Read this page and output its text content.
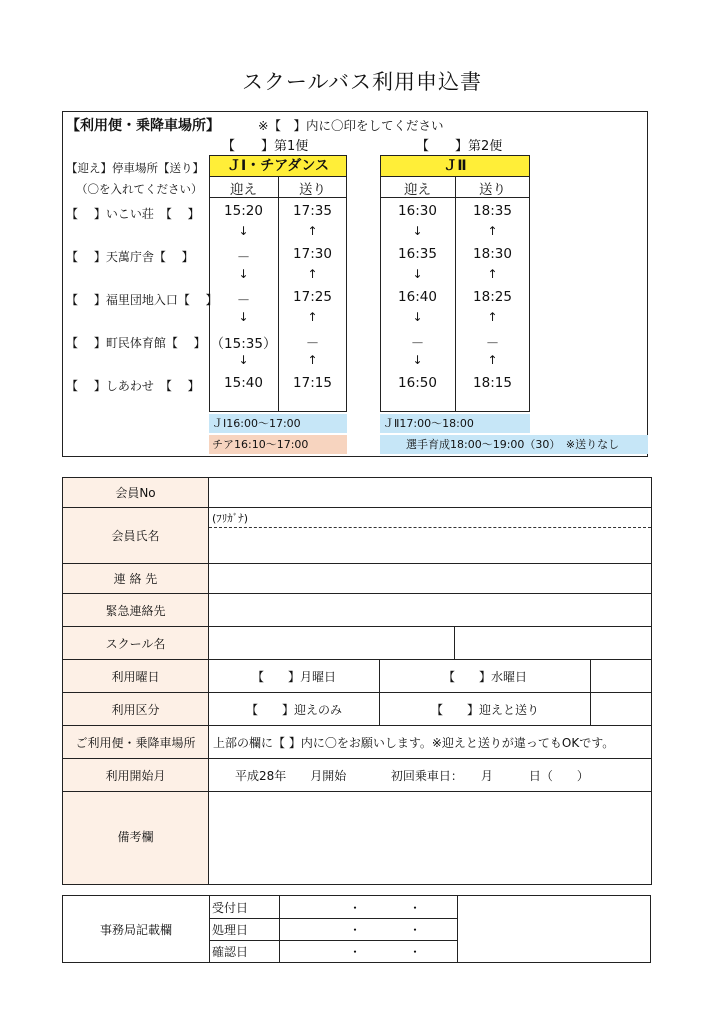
スクールバス利用申込書
【利用便・乗降車場所】	※【　】内に〇印をしてください
【　　】第1便	【　　】第2便
【迎え】停車場所【送り】
（〇を入れてください）
ＪⅠ・チアダンス
迎え	送り
ＪⅡ
迎え	送り
【　 】いこい荘　【　 】	15:20	17:35	16:30	18:35
↓	↑	↓	↑
【　 】天萬庁舎【　 】	－	17:30	16:35	18:30
↓	↑	↓	↑
【　 】福里団地入口【　 】	－	17:25	16:40	18:25
↓	↑	↓	↑
【　 】町民体育館【　 】 （15:35）	－	－	－
↓	↑	↓	↑
【　 】しあわせ　【　 】	15:40	17:15	16:50	18:15
ＪⅠ16:00～17:00
チア16:10～17:00
ＪⅡ17:00～18:00
選手育成18:00～19:00（30）　※送りなし
会員No				
会員氏名	(ﾌﾘｶﾞﾅ)			

連 絡 先				
緊急連絡先				
スクール名				
利用曜日	【　　】月曜日	【　　】水曜日		
利用区分	【　　】迎えのみ	【　　】迎えと送り		
ご利用便・乗降車場所	上部の欄に【 】内に〇をお願いします。※迎えと送りが違ってもOKです。			
利用開始月	平成28年　　月開始 初回乗車日：　　月　　　日（　　）			
備考欄				
事務局記載欄
受付日	・　　　　・
処理日	・　　　　・
確認日	・　　　　・
